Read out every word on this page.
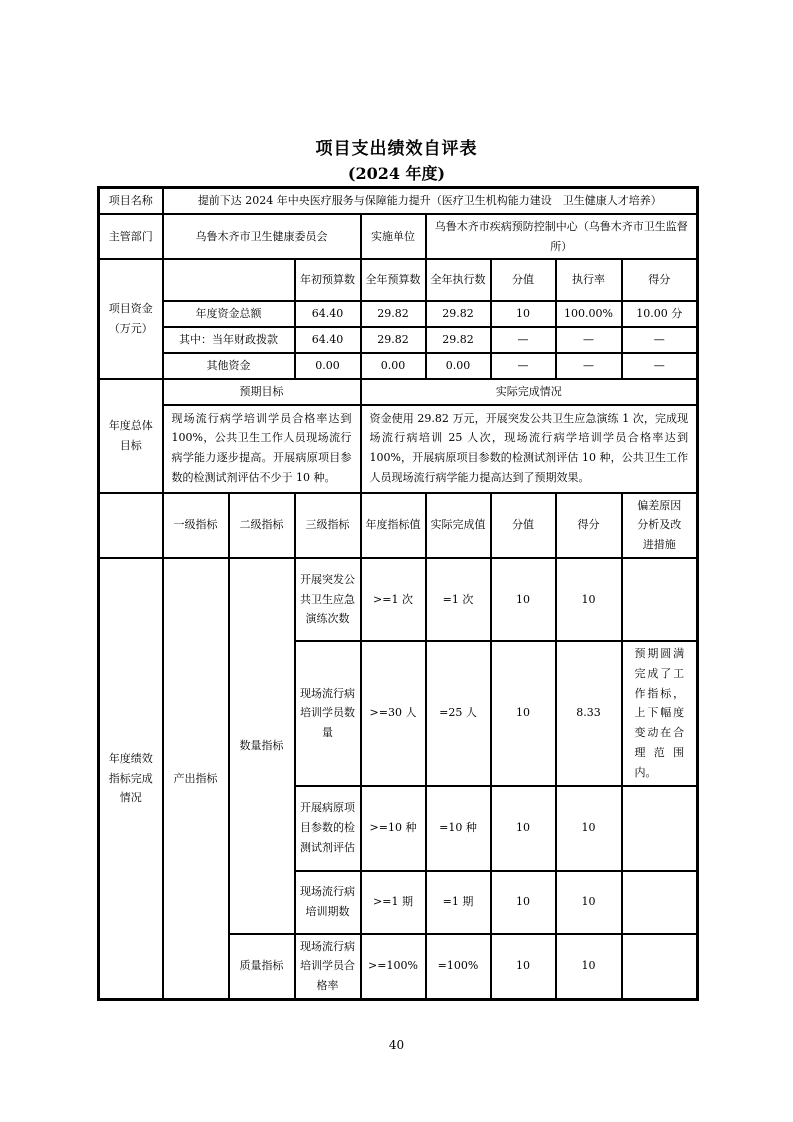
项目支出绩效自评表
(2024 年度)
项目名称	提前下达 2024 年中央医疗服务与保障能力提升（医疗卫生机构能力建设　卫生健康人才培养）							
主管部门	乌鲁木齐市卫生健康委员会			实施单位	乌鲁木齐市疾病预防控制中心（乌鲁木齐市卫生监督所）			
项目资金（万元）			年初预算数	全年预算数	全年执行数	分值	执行率	得分
	年度资金总额		64.40	29.82	29.82	10	100.00%	10.00 分
	其中：当年财政拨款		64.40	29.82	29.82	—	—	—
	其他资金		0.00	0.00	0.00	—	—	—
年度总体目标	预期目标			实际完成情况				
	现场流行病学培训学员合格率达到 100%，公共卫生工作人员现场流行病学能力逐步提高。开展病原项目参数的检测试剂评估不少于 10 种。			资金使用 29.82 万元，开展突发公共卫生应急演练 1 次，完成现场流行病培训 25 人次，现场流行病学培训学员合格率达到 100%，开展病原项目参数的检测试剂评估 10 种，公共卫生工作人员现场流行病学能力提高达到了预期效果。				
	一级指标	二级指标	三级指标	年度指标值	实际完成值	分值	得分	偏差原因分析及改进措施
年度绩效指标完成情况	产出指标	数量指标	开展突发公共卫生应急演练次数	>=1 次	=1 次	10	10	
			现场流行病培训学员数量	>=30 人	=25 人	10	8.33	预期圆满完成了工作指标，上下幅度变动在合理范围内。
			开展病原项目参数的检测试剂评估	>=10 种	=10 种	10	10	
			现场流行病培训期数	>=1 期	=1 期	10	10	
		质量指标	现场流行病培训学员合格率	>=100%	=100%	10	10	
40
